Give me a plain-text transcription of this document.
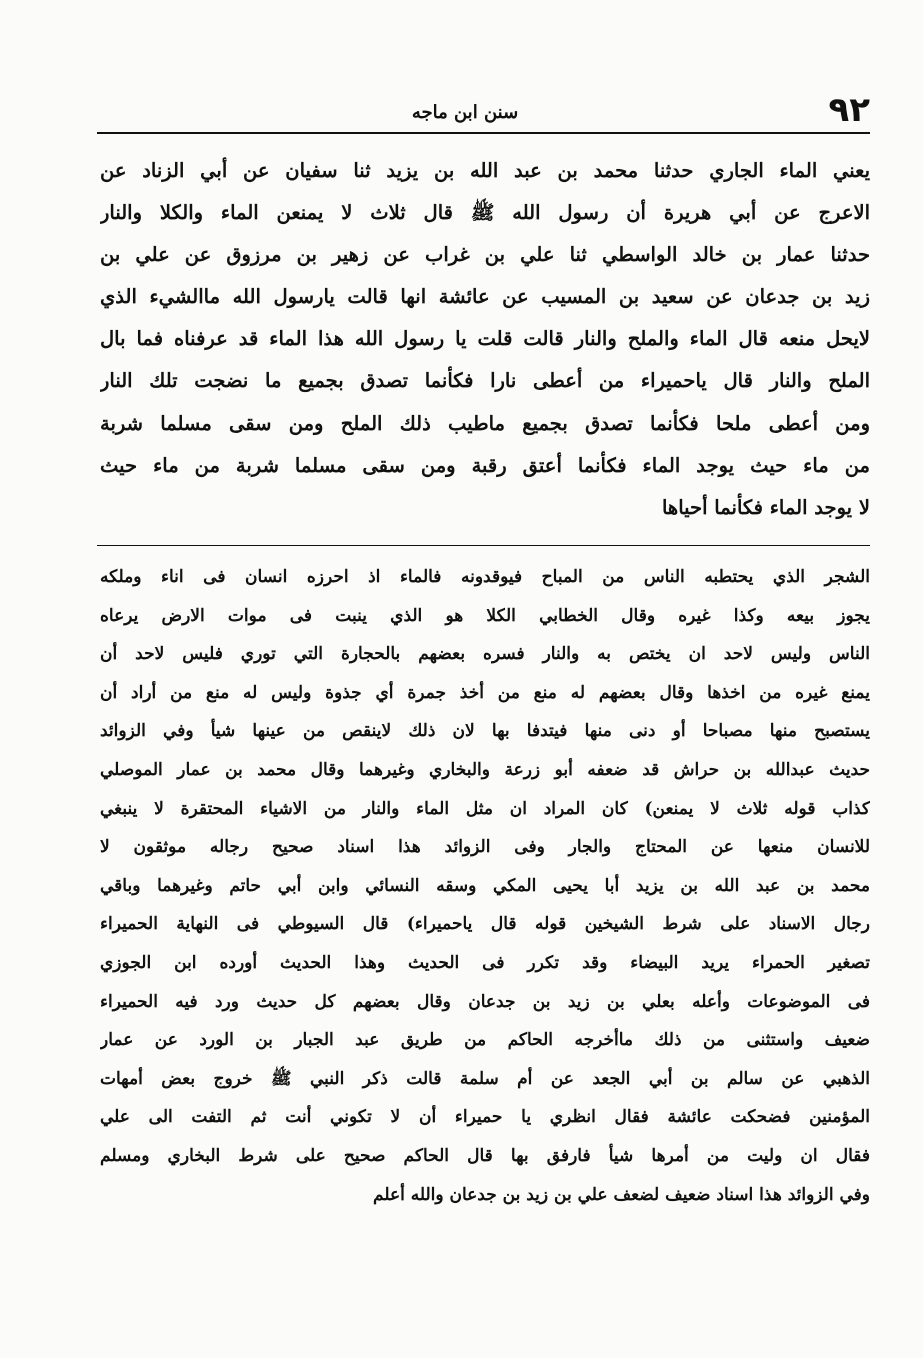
٩٢
سنن ابن ماجه
يعني الماء الجاري حدثنا محمد بن عبد الله بن يزيد ثنا سفيان عن أبي الزناد عن
الاعرج عن أبي هريرة أن رسول الله ﷺ قال ثلاث لا يمنعن الماء والكلا والنار
حدثنا عمار بن خالد الواسطي ثنا علي بن غراب عن زهير بن مرزوق عن علي بن
زيد بن جدعان عن سعيد بن المسيب عن عائشة انها قالت يارسول الله ماالشيء الذي
لايحل منعه قال الماء والملح والنار قالت قلت يا رسول الله هذا الماء قد عرفناه فما بال
الملح والنار قال ياحميراء من أعطى نارا فكأنما تصدق بجميع ما نضجت تلك النار
ومن أعطى ملحا فكأنما تصدق بجميع ماطيب ذلك الملح ومن سقى مسلما شربة
من ماء حيث يوجد الماء فكأنما أعتق رقبة ومن سقى مسلما شربة من ماء حيث
لا يوجد الماء فكأنما أحياها
الشجر الذي يحتطبه الناس من المباح فيوقدونه فالماء اذ احرزه انسان فى اناء وملكه
يجوز بيعه وكذا غيره وقال الخطابي الكلا هو الذي ينبت فى موات الارض يرعاه
الناس وليس لاحد ان يختص به والنار فسره بعضهم بالحجارة التي توري فليس لاحد أن
يمنع غيره من اخذها وقال بعضهم له منع من أخذ جمرة أي جذوة وليس له منع من أراد أن
يستصبح منها مصباحا أو دنى منها فيتدفا بها لان ذلك لاينقص من عينها شيأ وفي الزوائد
حديث عبدالله بن حراش قد ضعفه أبو زرعة والبخاري وغيرهما وقال محمد بن عمار الموصلي
كذاب قوله ثلاث لا يمنعن) كان المراد ان مثل الماء والنار من الاشياء المحتقرة لا ينبغي
للانسان منعها عن المحتاج والجار وفى الزوائد هذا اسناد صحيح رجاله موثقون لا
محمد بن عبد الله بن يزيد أبا يحيى المكي وسقه النسائي وابن أبي حاتم وغيرهما وباقي
رجال الاسناد على شرط الشيخين قوله قال ياحميراء) قال السيوطي فى النهاية الحميراء
تصغير الحمراء يريد البيضاء وقد تكرر فى الحديث وهذا الحديث أورده ابن الجوزي
فى الموضوعات وأعله بعلي بن زيد بن جدعان وقال بعضهم كل حديث ورد فيه الحميراء
ضعيف واستثنى من ذلك ماأخرجه الحاكم من طريق عبد الجبار بن الورد عن عمار
الذهبي عن سالم بن أبي الجعد عن أم سلمة قالت ذكر النبي ﷺ خروج بعض أمهات
المؤمنين فضحكت عائشة فقال انظري يا حميراء أن لا تكوني أنت ثم التفت الى علي
فقال ان وليت من أمرها شيأ فارفق بها قال الحاكم صحيح على شرط البخاري ومسلم
وفي الزوائد هذا اسناد ضعيف لضعف علي بن زيد بن جدعان والله أعلم
